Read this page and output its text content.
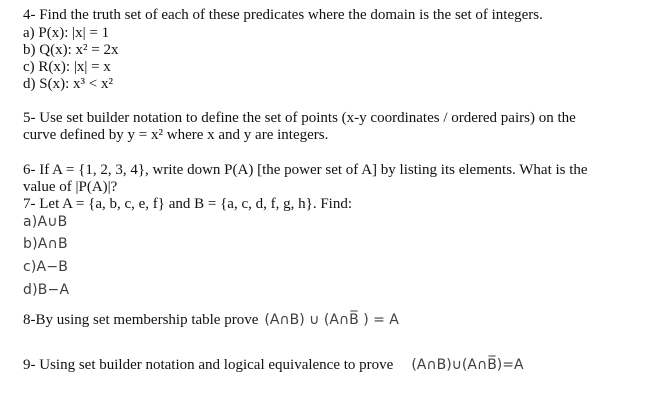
4- Find the truth set of each of these predicates where the domain is the set of integers.
a) P(x): |x| = 1
b) Q(x): x² = 2x
c) R(x): |x| = x
d) S(x): x³ < x²
5- Use set builder notation to define the set of points (x-y coordinates / ordered pairs) on the
curve defined by y = x² where x and y are integers.
6- If A = {1, 2, 3, 4}, write down P(A) [the power set of A] by listing its elements. What is the
value of |P(A)|?
7- Let A = {a, b, c, e, f} and B = {a, c, d, f, g, h}. Find:
a)A∪B
b)A∩B
c)A−B
d)B−A
8-By using set membership table prove (A∩B) ∪ (A∩B̅ ) = A
9- Using set builder notation and logical equivalence to prove (A∩B)∪(A∩B̅)=A
